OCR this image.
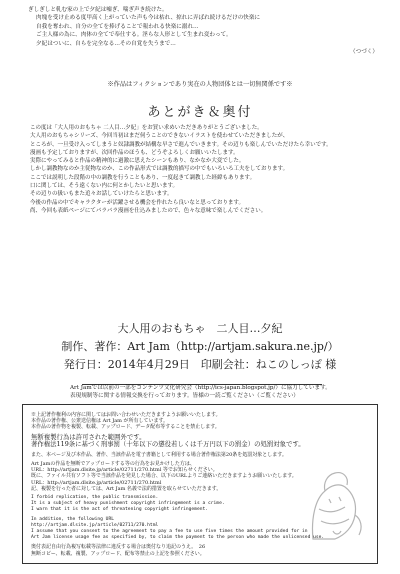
ぎしぎしと軋む家の上で夕紀は嘘ぎ、喘ぎ声き続けた。

肉塊を受け止める度甲高く上がっていた声も今は枯れ、掠れに弄ばれ続けるだけの快楽に

自我を奪われ、自分の全てを捧げることで報われる快楽に溺れ…

ご主人様の為に、肉体の全てで奉仕する。淫らな人形として生まれ変わって。

夕紀はついに、自らを完全なる…その自覚を失うまで…

（つづく）

※作品はフィクションであり実在の人物団体とは一切無関係です※
あとがき＆奥付

この度は「大人用のおもちゃ 二人目…夕紀」をお買い求めいただきありがとうございました。

大人用のおもちゃシリーズ、今回当初はまだ伺うことのできないイラストを使わせていただきましたが、

ところが、一旦受け入ってしまうと奴隷調教が結構な早さで進んでいきます。その辺りも楽しんでいただけたら幸いです。

漫画も予定しておりますが、次回作品のほうも、どうぞよろしくお願いいたします。

実際にやってみると作品の精神的に過激に思えたシーンもあり、なかなか大変でした。

しかし調教物なのか主従物なのか、この作品形式では調教的描写の中でもいろいろ工夫をしております。

ここでは説明した段階の中の調教を行うこともあり、一度起きて調教した経緯もあります。

口に関しては、そう遠くない内に何とかしたいと思います。

その辺りの扱いもまた追々お話していけたらと思います。

今後の作品の中でキャラクターが活躍させる機会を作れたら良いなと思っております。

尚、今回も表紙ページにてパラパラ漫画を仕込みましたので、色々な意味で楽しんでください。

大人用のおもちゃ　二人目…夕紀
制作、著作：Art Jam（http://artjam.sakura.ne.jp/）
発行日：2014年4月29日　印刷会社：ねこのしっぽ 様

Art Jamでは以前の一部をコンテンツ文化研究会（http://ics-japan.blogspot.jp/）に協力しています。

表現規制等に関する情報交換を行っております。皆様の一読ご覧ください（ご覧ください）

※上記著作権利の内容に関してはお問い合わせいただきますようお願いいたします。

本作品の著作権、公衆送信権は Art Jam が所有しています。

本作品の著作物を複製、転載、アップロード、データ配布等することを禁止します。

無断複製行為は許可された範囲外です。

著作権法119条に基づく刑事罰（十年以下の懲役若しくは千万円以下の罰金）の処罰対象です。

また、本ページ及び本作品、著作、当該作品を電子書籍として利用する場合著作権法第20条を処罰対象とします。

Art Jamの作品を無断でアップロードする等の行為をお見かけした方は、

URL：http://artjam.dlsite.jp/article/02711/270.html 等でお知らせください。

既に、ファイル共有ソフト等で当該作品を発見した場合、以下のURLよりご連絡いただきますようお願いいたします。

URL：http://artjam.dlsite.jp/article/02711/270.html

記、複製を行った者に対しては、Art Jam 名義で法的措置を取らせていただきます。

I forbid replication, the public transmission.

It is a subject of heavy punishment copyright infringement is a crime.

I warn that it is the act of threatening copyright infringement.

In addition, the following URL

http://artjam.dlsite.jp/article/02711/270.html

I assume that you consent to the agreement to pay a fee to use five times the amount provided for in

Art Jam license usage fee as specified by, to claim the payment to the person who made the unlicensed use.

奥付表記自由行為複写転載等法律に違反する場合は奥付なり追記のうえ。　26

無断コピー、転載、複製、アップロード、配布等禁止の上記を参照ください。
